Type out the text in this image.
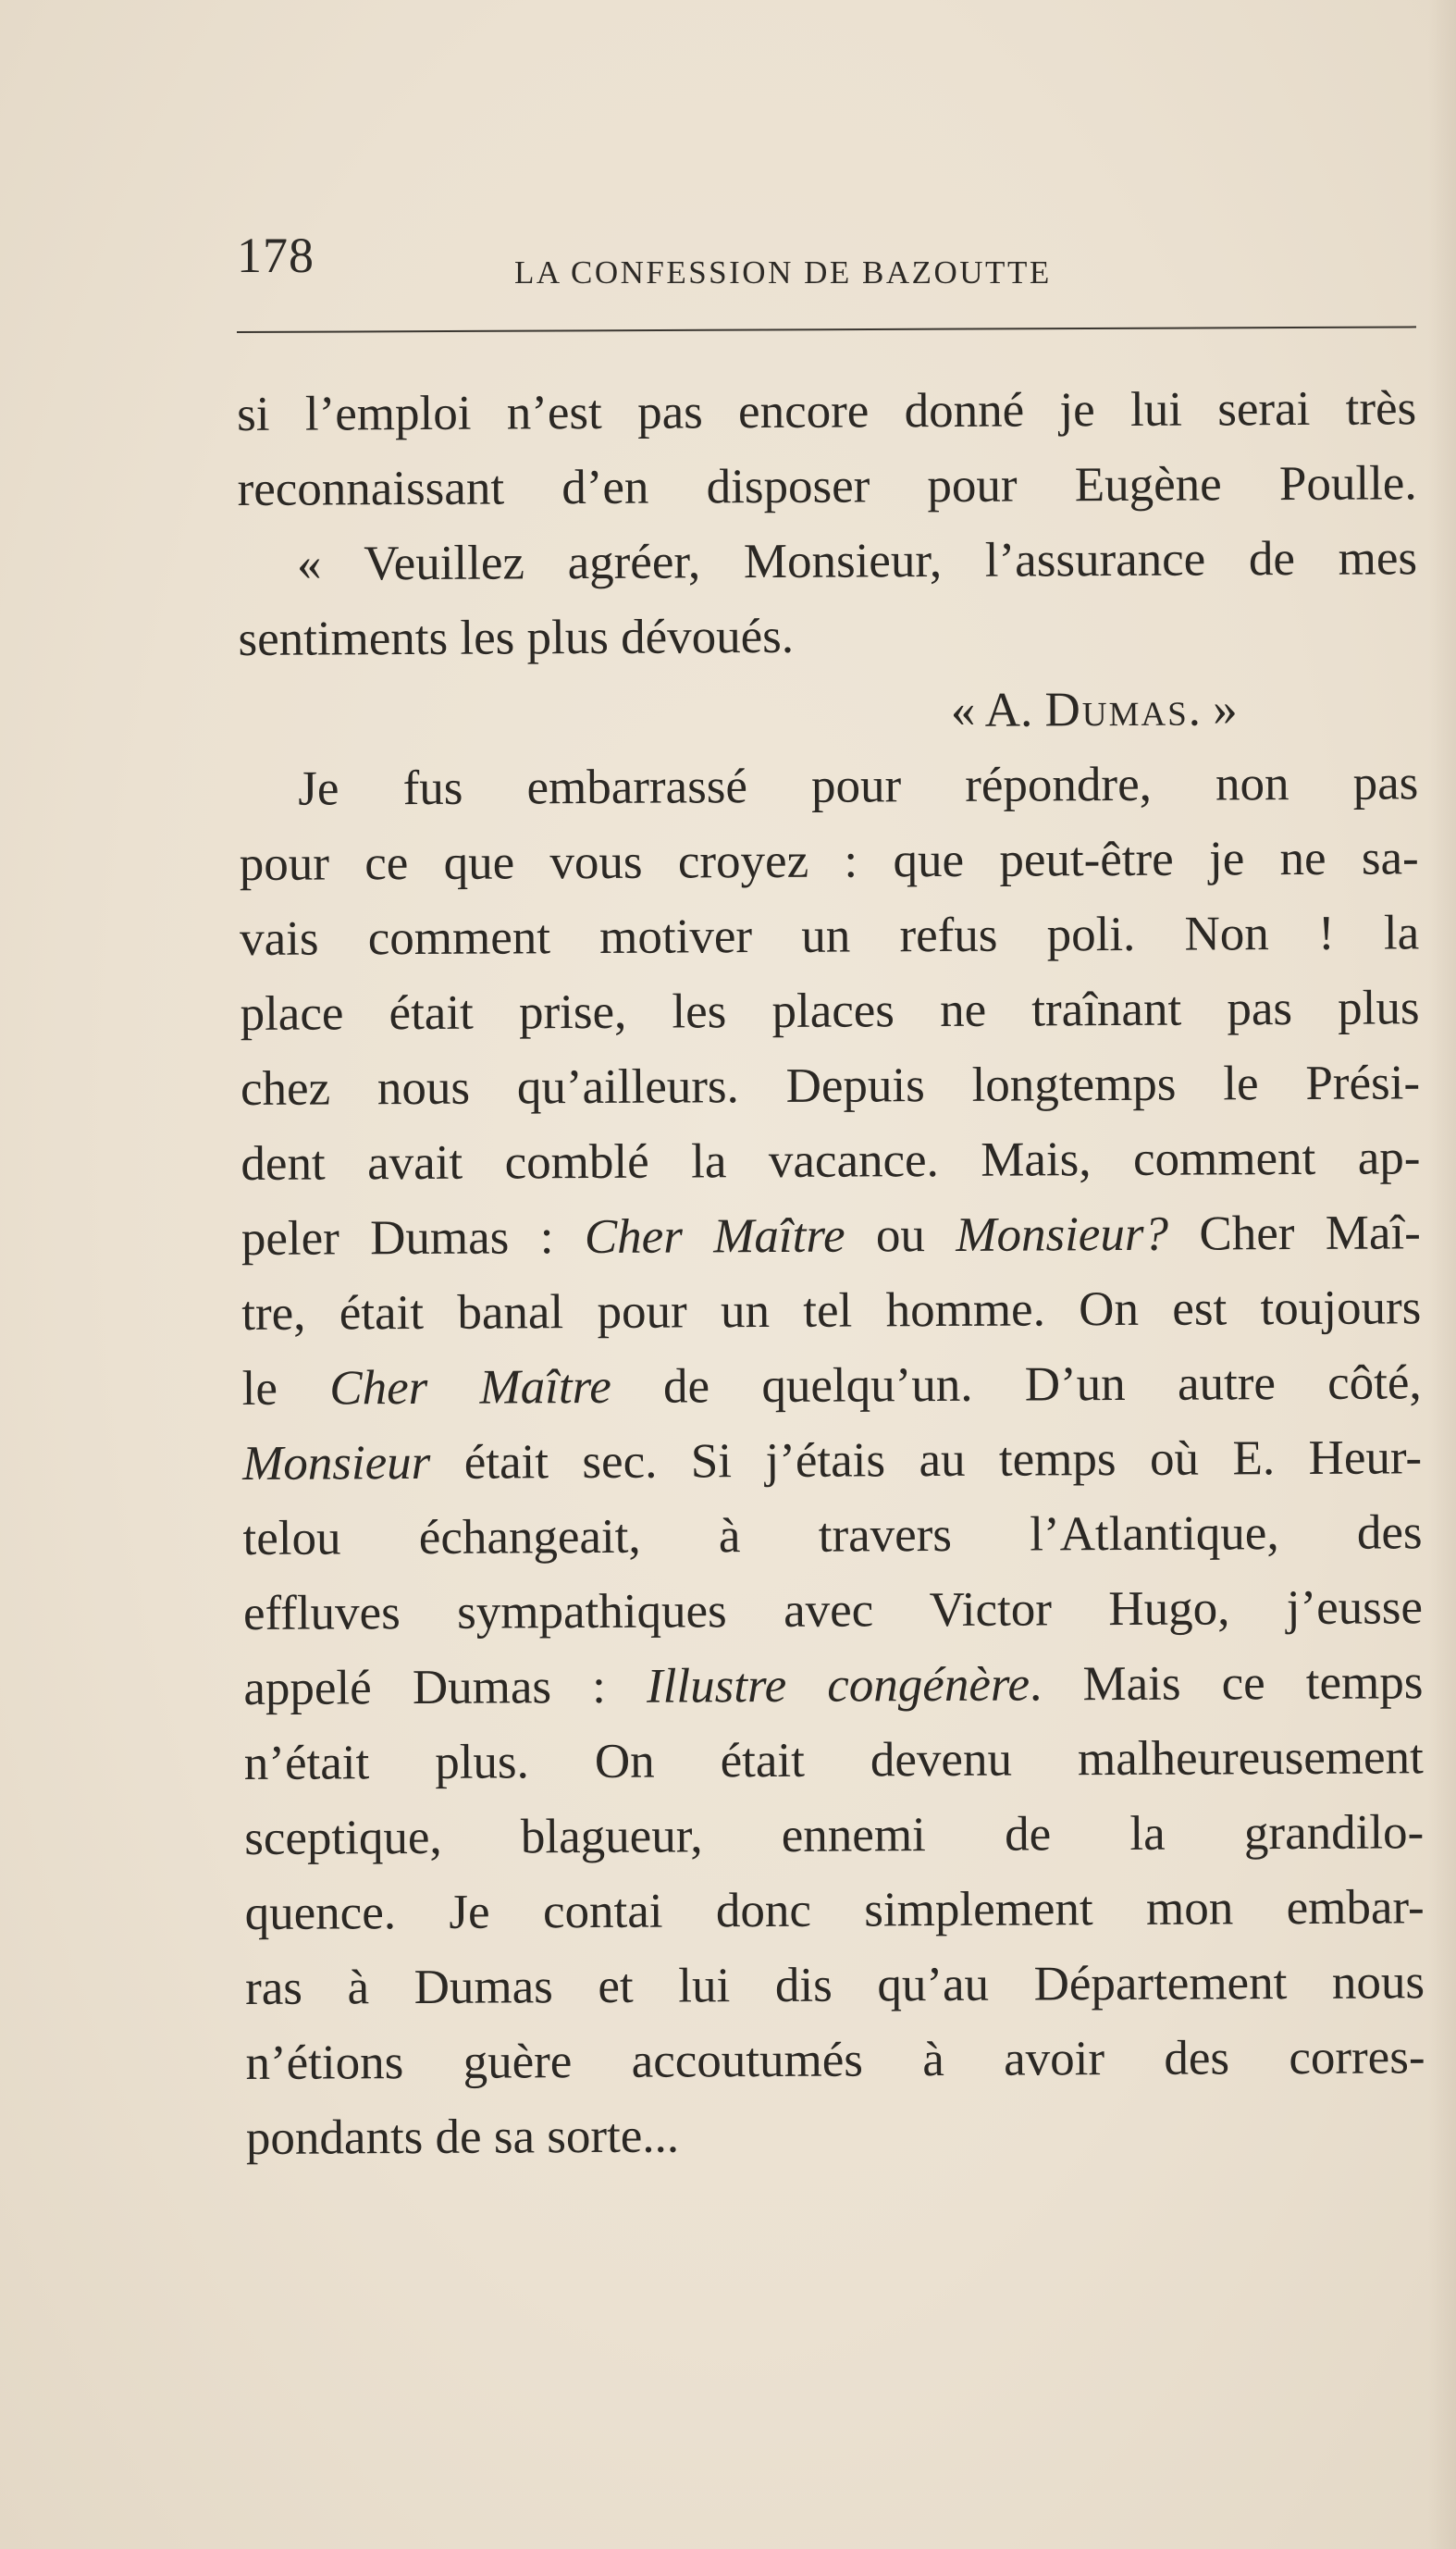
178	LA CONFESSION DE BAZOUTTE
si l’emploi n’est pas encore donné je lui serai très
reconnaissant d’en disposer pour Eugène Poulle.
« Veuillez agréer, Monsieur, l’assurance de mes
sentiments les plus dévoués.
« A. Dumas. »
Je fus embarrassé pour répondre, non pas
pour ce que vous croyez : que peut-être je ne sa-
vais comment motiver un refus poli. Non ! la
place était prise, les places ne traînant pas plus
chez nous qu’ailleurs. Depuis longtemps le Prési-
dent avait comblé la vacance. Mais, comment ap-
peler Dumas : Cher Maître ou Monsieur? Cher Maî-
tre, était banal pour un tel homme. On est toujours
le Cher Maître de quelqu’un. D’un autre côté,
Monsieur était sec. Si j’étais au temps où E. Heur-
telou échangeait, à travers l’Atlantique, des
effluves sympathiques avec Victor Hugo, j’eusse
appelé Dumas : Illustre congénère. Mais ce temps
n’était plus. On était devenu malheureusement
sceptique, blagueur, ennemi de la grandilo-
quence. Je contai donc simplement mon embar-
ras à Dumas et lui dis qu’au Département nous
n’étions guère accoutumés à avoir des corres-
pondants de sa sorte...
